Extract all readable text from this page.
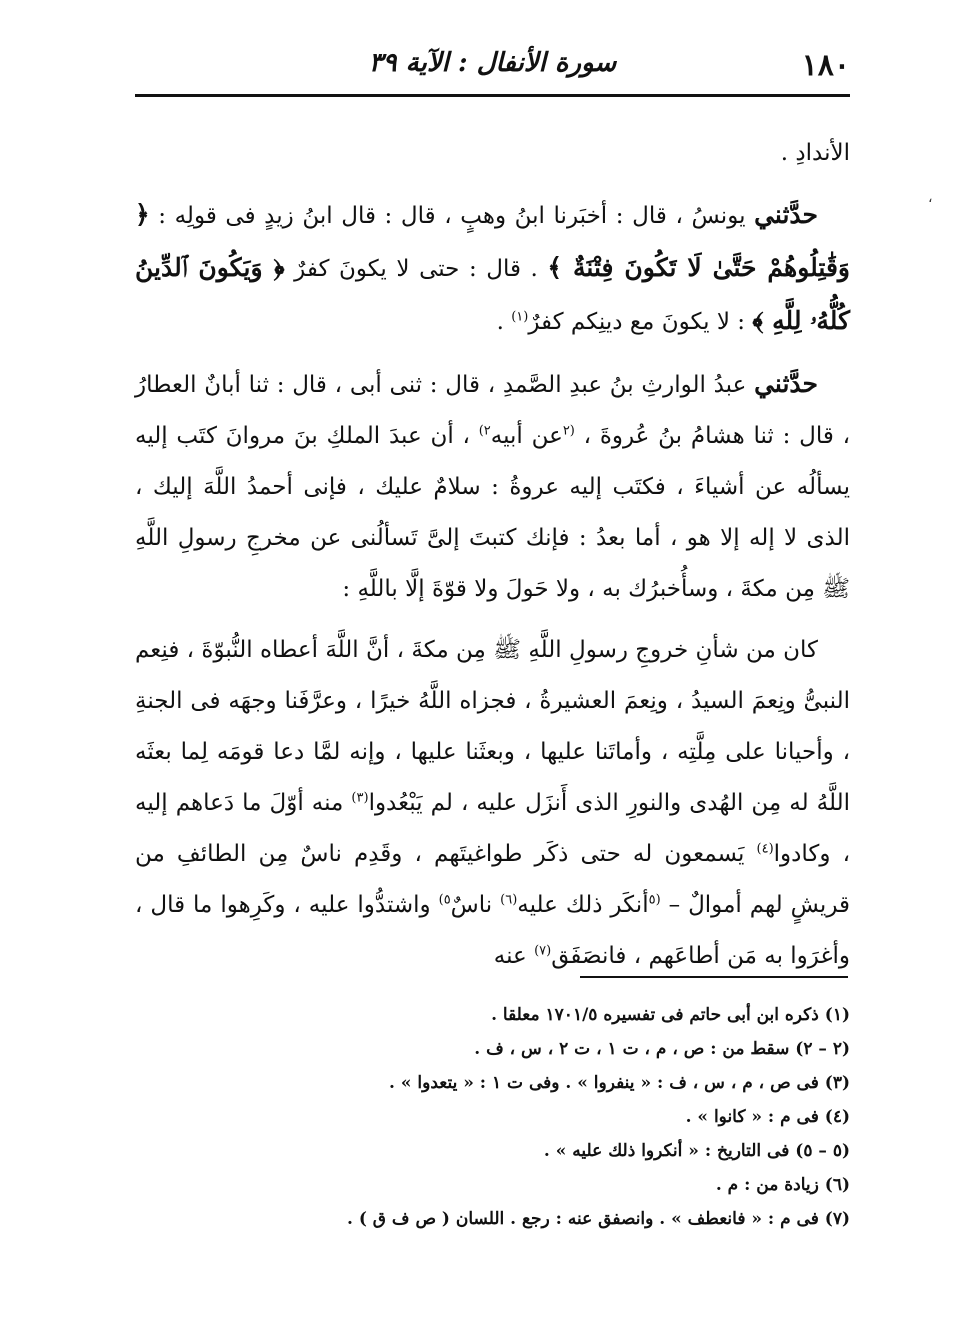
١٨٠
سورة الأنفال : الآية ٣٩
،

الأندادِ .

حدَّثني يونسُ ، قال : أخبَرنا ابنُ وهبٍ ، قال : قال ابنُ زيدٍ فى قولِه : ﴿ وَقَٰتِلُوهُمْ حَتَّىٰ لَا تَكُونَ فِتْنَةٌ ﴾ . قال : حتى لا يكونَ كفرٌ ﴿ وَيَكُونَ ٱلدِّينُ كُلُّهُۥ لِلَّهِ ﴾ : لا يكونَ مع دينِكم كفرٌ$^{(١)}$ .

حدَّثني عبدُ الوارثِ بنُ عبدِ الصَّمدِ ، قال : ثنى أبى ، قال : ثنا أبانٌ العطارُ ، قال : ثنا هشامُ بنُ عُروةَ ، $^{(٢}$عن أبيه$^{٢)}$ ، أن عبدَ الملكِ بنَ مروانَ كتَب إليه يسألُه عن أشياءَ ، فكتَب إليه عروةُ : سلامٌ عليك ، فإنى أحمدُ اللَّهَ إليك ، الذى لا إله إلا هو ، أما بعدُ : فإنك كتبتَ إلىَّ تَسألُنى عن مخرجِ رسولِ اللَّهِ ﷺ مِن مكةَ ، وسأُخبرُك به ، ولا حَولَ ولا قوّةَ إلَّا باللَّهِ :

كان من شأنِ خروجِ رسولِ اللَّهِ ﷺ مِن مكةَ ، أنَّ اللَّهَ أعطاه النُّبوّةَ ، فنِعم النبىُّ ونِعمَ السيدُ ، ونِعمَ العشيرةُ ، فجزاه اللَّهُ خيرًا ، وعرَّفَنا وجهَه فى الجنةِ ، وأحيانا على مِلَّتِه ، وأماتَنا عليها ، وبعثَنا عليها ، وإنه لمَّا دعا قومَه لِما بعثَه اللَّهُ له مِن الهُدى والنورِ الذى أَنزَل عليه ، لم يَبْعُدوا$^{(٣)}$ منه أوّلَ ما دَعاهم إليه ، وكادوا$^{(٤)}$ يَسمعون له حتى ذكَر طواغيتَهم ، وقَدِم ناسٌ مِن الطائفِ من قريشٍ لهم أموالٌ – $^{(٥}$أنكَر ذلك عليه$^{(٦)}$ ناسٌ$^{٥)}$ واشتدُّوا عليه ، وكَرِهوا ما قال ، وأغرَوا به مَن أطاعَهم ، فانصَفَق$^{(٧)}$ عنه

(١) ذكره ابن أبى حاتم فى تفسيره ١٧٠١/٥ معلقا .
(٢ – ٢) سقط من : ص ، م ، ت ١ ، ت ٢ ، س ، ف .
(٣) فى ص ، م ، س ، ف : « ينفروا » . وفى ت ١ : « يتعدوا » .
(٤) فى م : « كانوا » .
(٥ – ٥) فى التاريخ : « أنكروا ذلك عليه » .
(٦) زيادة من : م .
(٧) فى م : « فانعطف » . وانصفق عنه : رجع . اللسان ( ص ف ق ) .
